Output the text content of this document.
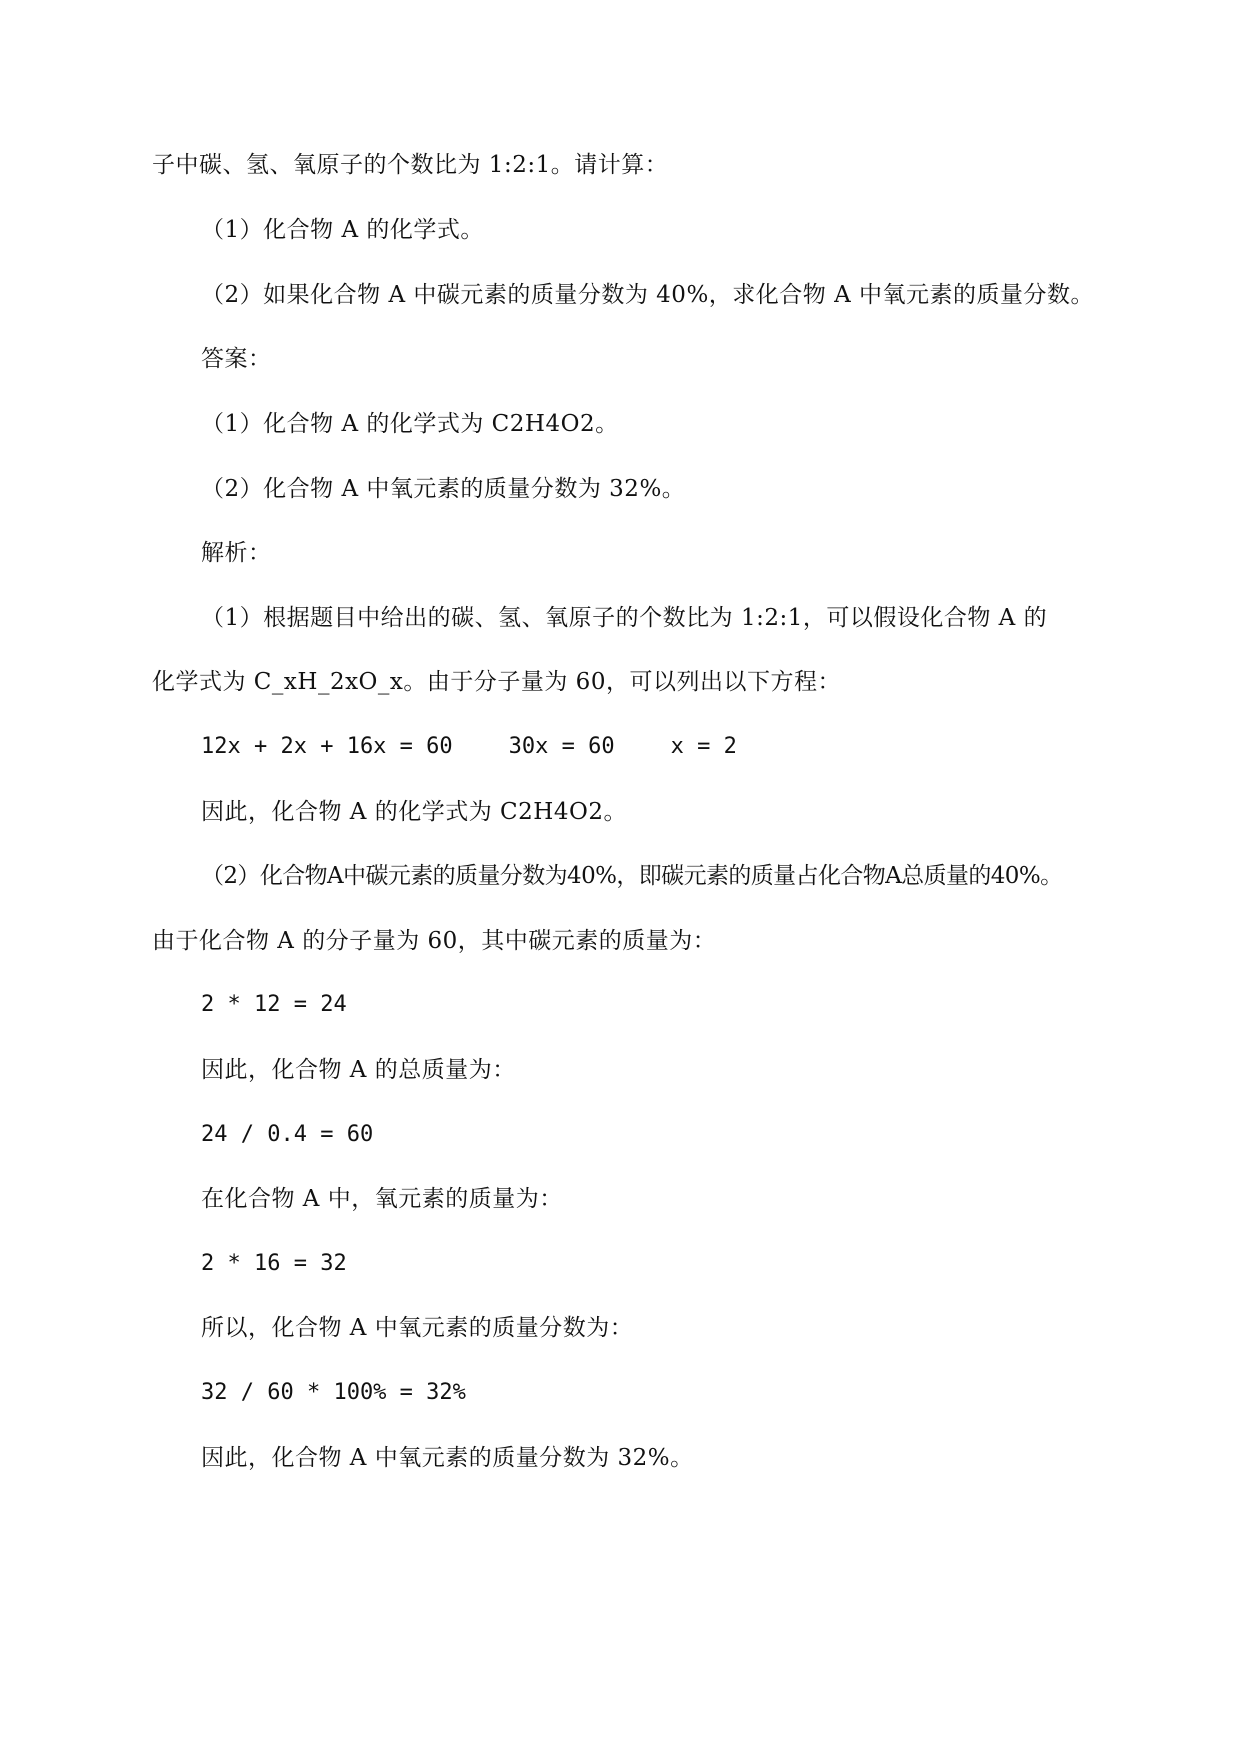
子中碳、氢、氧原子的个数比为 1:2:1。请计算：
（1）化合物 A 的化学式。
（2）如果化合物 A 中碳元素的质量分数为 40%，求化合物 A 中氧元素的质量分数。
答案：
（1）化合物 A 的化学式为 C2H4O2。
（2）化合物 A 中氧元素的质量分数为 32%。
解析：
（1）根据题目中给出的碳、氢、氧原子的个数比为 1:2:1，可以假设化合物 A 的
化学式为 C_xH_2xO_x。由于分子量为 60，可以列出以下方程：
12x + 2x + 16x = 60	30x = 60	x = 2
因此，化合物 A 的化学式为 C2H4O2。
（2）化合物A中碳元素的质量分数为40%，即碳元素的质量占化合物A总质量的40%。
由于化合物 A 的分子量为 60，其中碳元素的质量为：
2 * 12 = 24
因此，化合物 A 的总质量为：
24 / 0.4 = 60
在化合物 A 中，氧元素的质量为：
2 * 16 = 32
所以，化合物 A 中氧元素的质量分数为：
32 / 60 * 100% = 32%
因此，化合物 A 中氧元素的质量分数为 32%。
